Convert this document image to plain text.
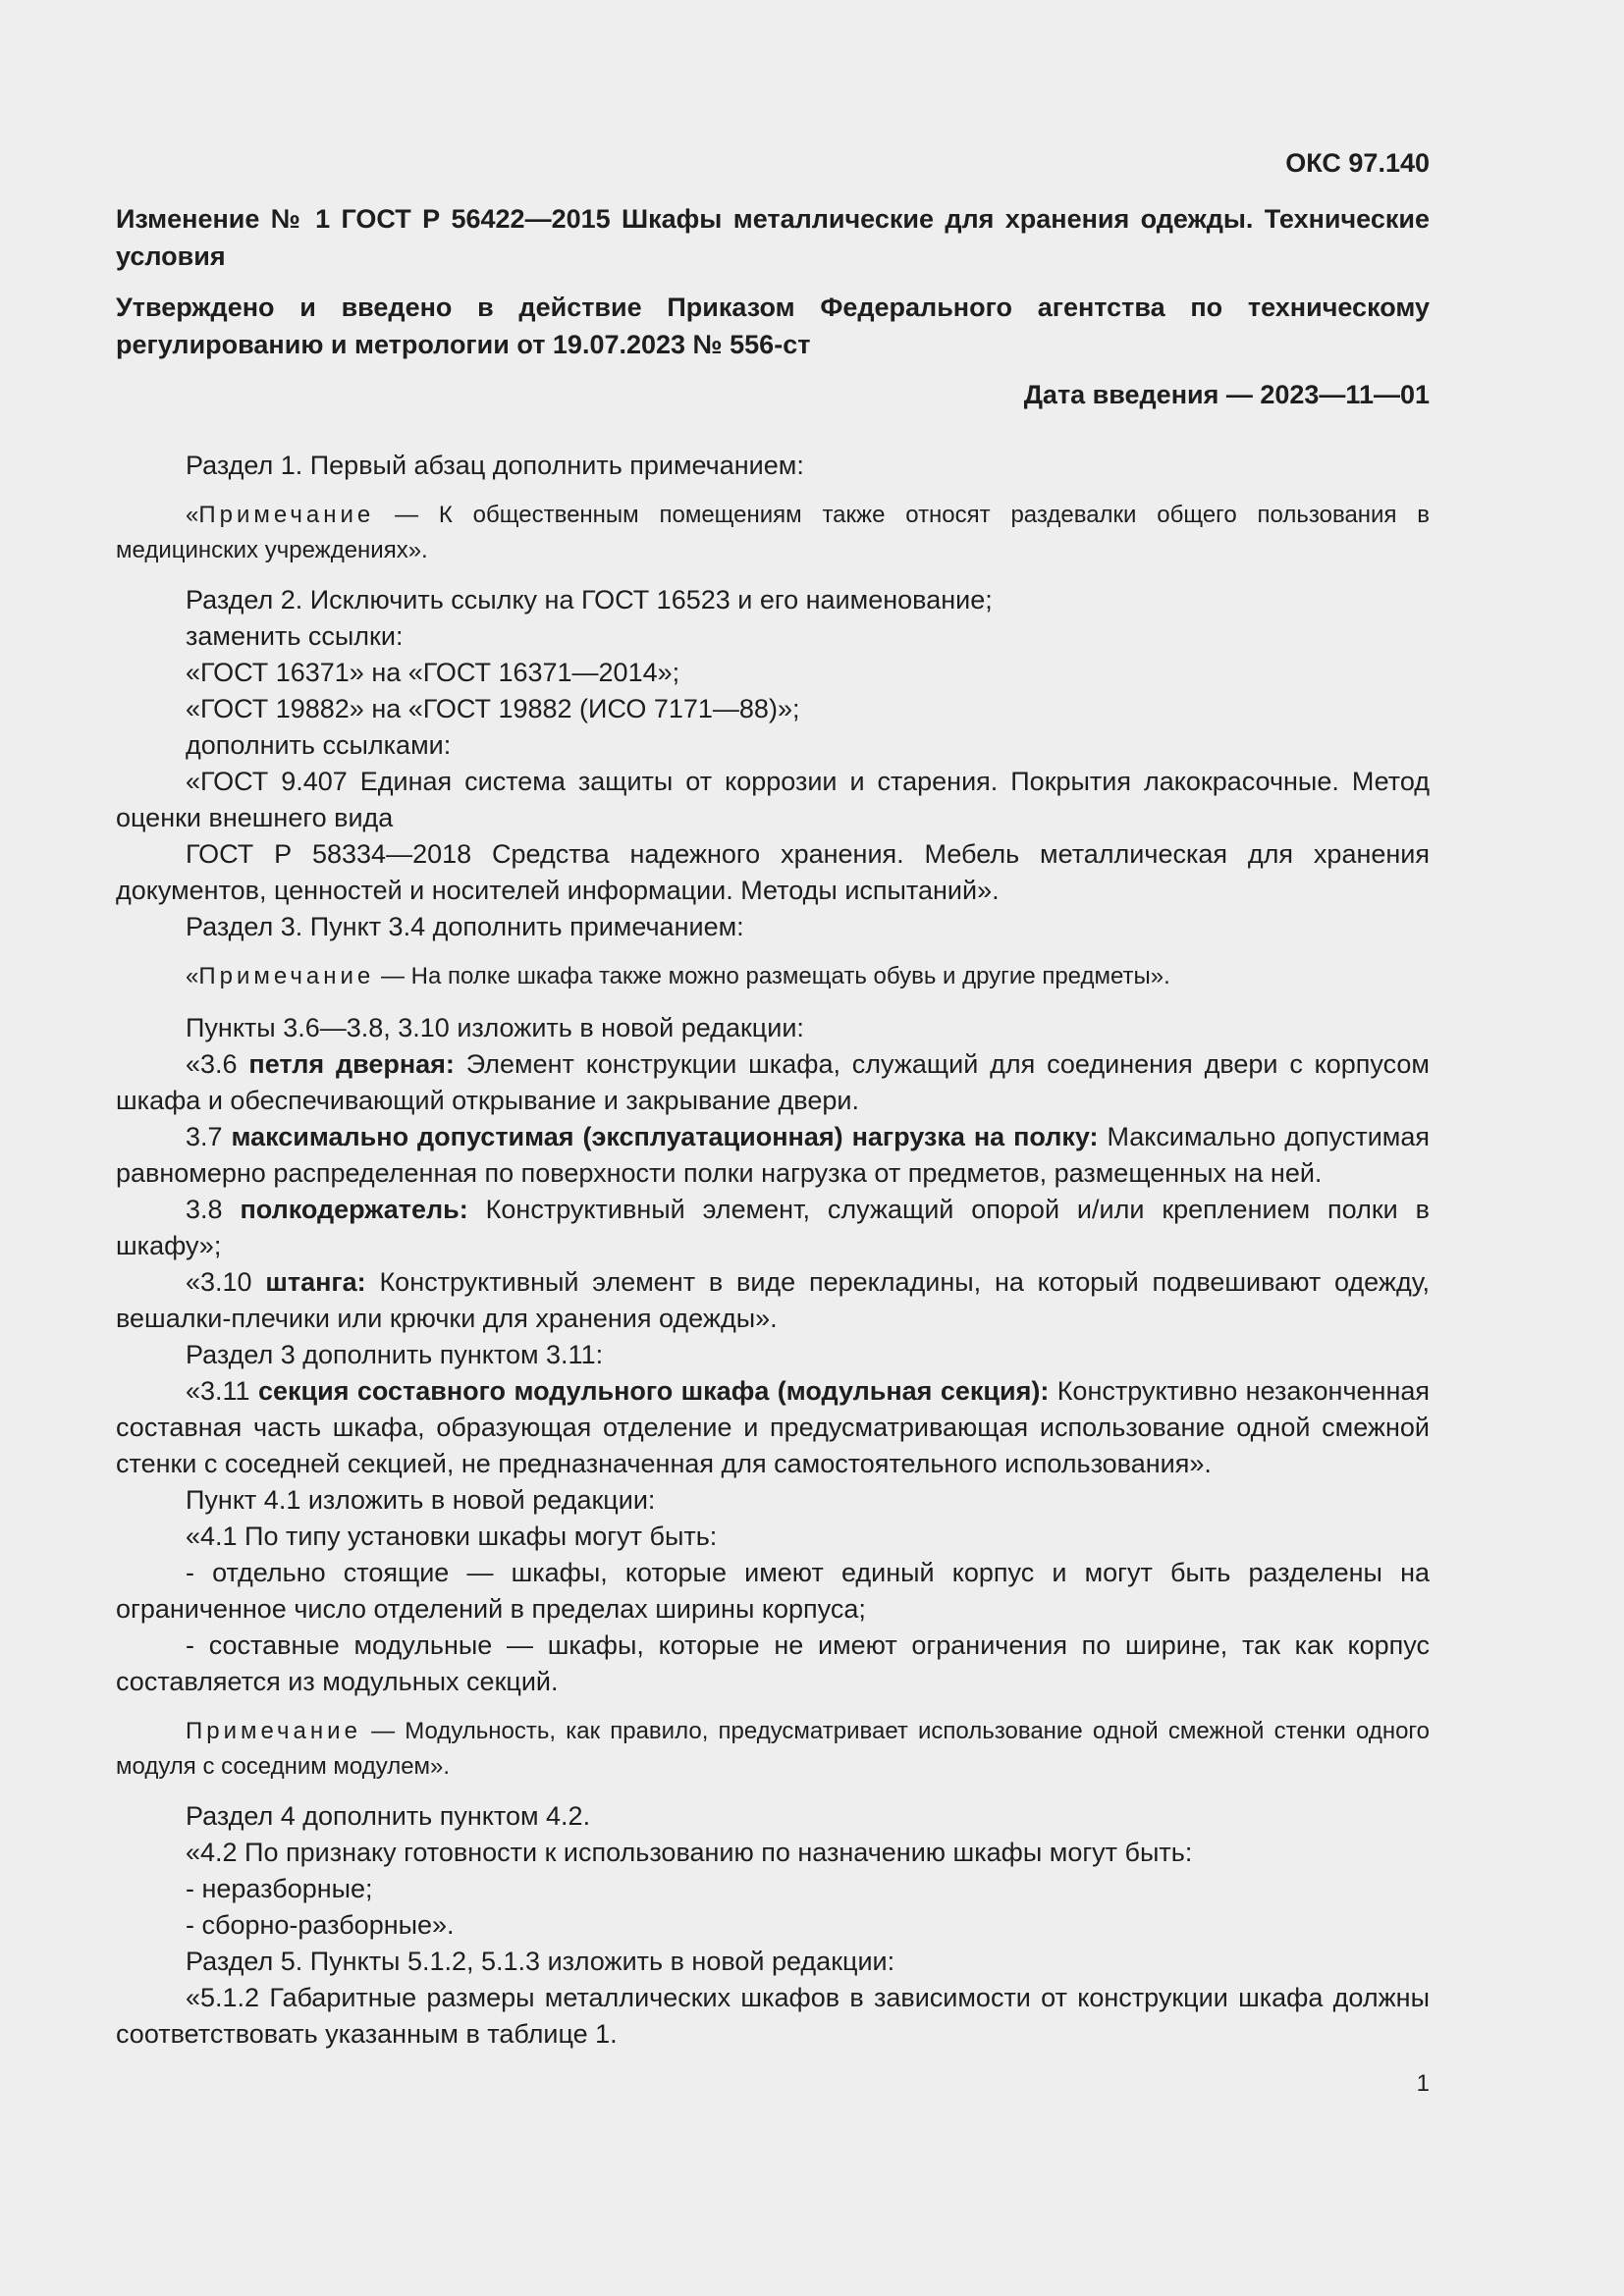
ОКС 97.140
Изменение № 1 ГОСТ Р 56422—2015 Шкафы металлические для хранения одежды. Технические условия
Утверждено и введено в действие Приказом Федерального агентства по техническому регулированию и метрологии от 19.07.2023 № 556-ст
Дата введения — 2023—11—01

Раздел 1. Первый абзац дополнить примечанием:

«Примечание — К общественным помещениям также относят раздевалки общего пользования в медицинских учреждениях».

Раздел 2. Исключить ссылку на ГОСТ 16523 и его наименование;

заменить ссылки:

«ГОСТ 16371» на «ГОСТ 16371—2014»;

«ГОСТ 19882» на «ГОСТ 19882 (ИСО 7171—88)»;

дополнить ссылками:

«ГОСТ 9.407 Единая система защиты от коррозии и старения. Покрытия лакокрасочные. Метод оценки внешнего вида

ГОСТ Р 58334—2018 Средства надежного хранения. Мебель металлическая для хранения документов, ценностей и носителей информации. Методы испытаний».

Раздел 3. Пункт 3.4 дополнить примечанием:

«Примечание — На полке шкафа также можно размещать обувь и другие предметы».

Пункты 3.6—3.8, 3.10 изложить в новой редакции:

«3.6 петля дверная: Элемент конструкции шкафа, служащий для соединения двери с корпусом шкафа и обеспечивающий открывание и закрывание двери.

3.7 максимально допустимая (эксплуатационная) нагрузка на полку: Максимально допустимая равномерно распределенная по поверхности полки нагрузка от предметов, размещенных на ней.

3.8 полкодержатель: Конструктивный элемент, служащий опорой и/или креплением полки в шкафу»;

«3.10 штанга: Конструктивный элемент в виде перекладины, на который подвешивают одежду, вешалки-плечики или крючки для хранения одежды».

Раздел 3 дополнить пунктом 3.11:

«3.11 секция составного модульного шкафа (модульная секция): Конструктивно незаконченная составная часть шкафа, образующая отделение и предусматривающая использование одной смежной стенки с соседней секцией, не предназначенная для самостоятельного использования».

Пункт 4.1 изложить в новой редакции:

«4.1 По типу установки шкафы могут быть:

- отдельно стоящие — шкафы, которые имеют единый корпус и могут быть разделены на ограниченное число отделений в пределах ширины корпуса;

- составные модульные — шкафы, которые не имеют ограничения по ширине, так как корпус составляется из модульных секций.

Примечание — Модульность, как правило, предусматривает использование одной смежной стенки одного модуля с соседним модулем».

Раздел 4 дополнить пунктом 4.2.

«4.2 По признаку готовности к использованию по назначению шкафы могут быть:

- неразборные;

- сборно-разборные».

Раздел 5. Пункты 5.1.2, 5.1.3 изложить в новой редакции:

«5.1.2 Габаритные размеры металлических шкафов в зависимости от конструкции шкафа должны соответствовать указанным в таблице 1.

1
